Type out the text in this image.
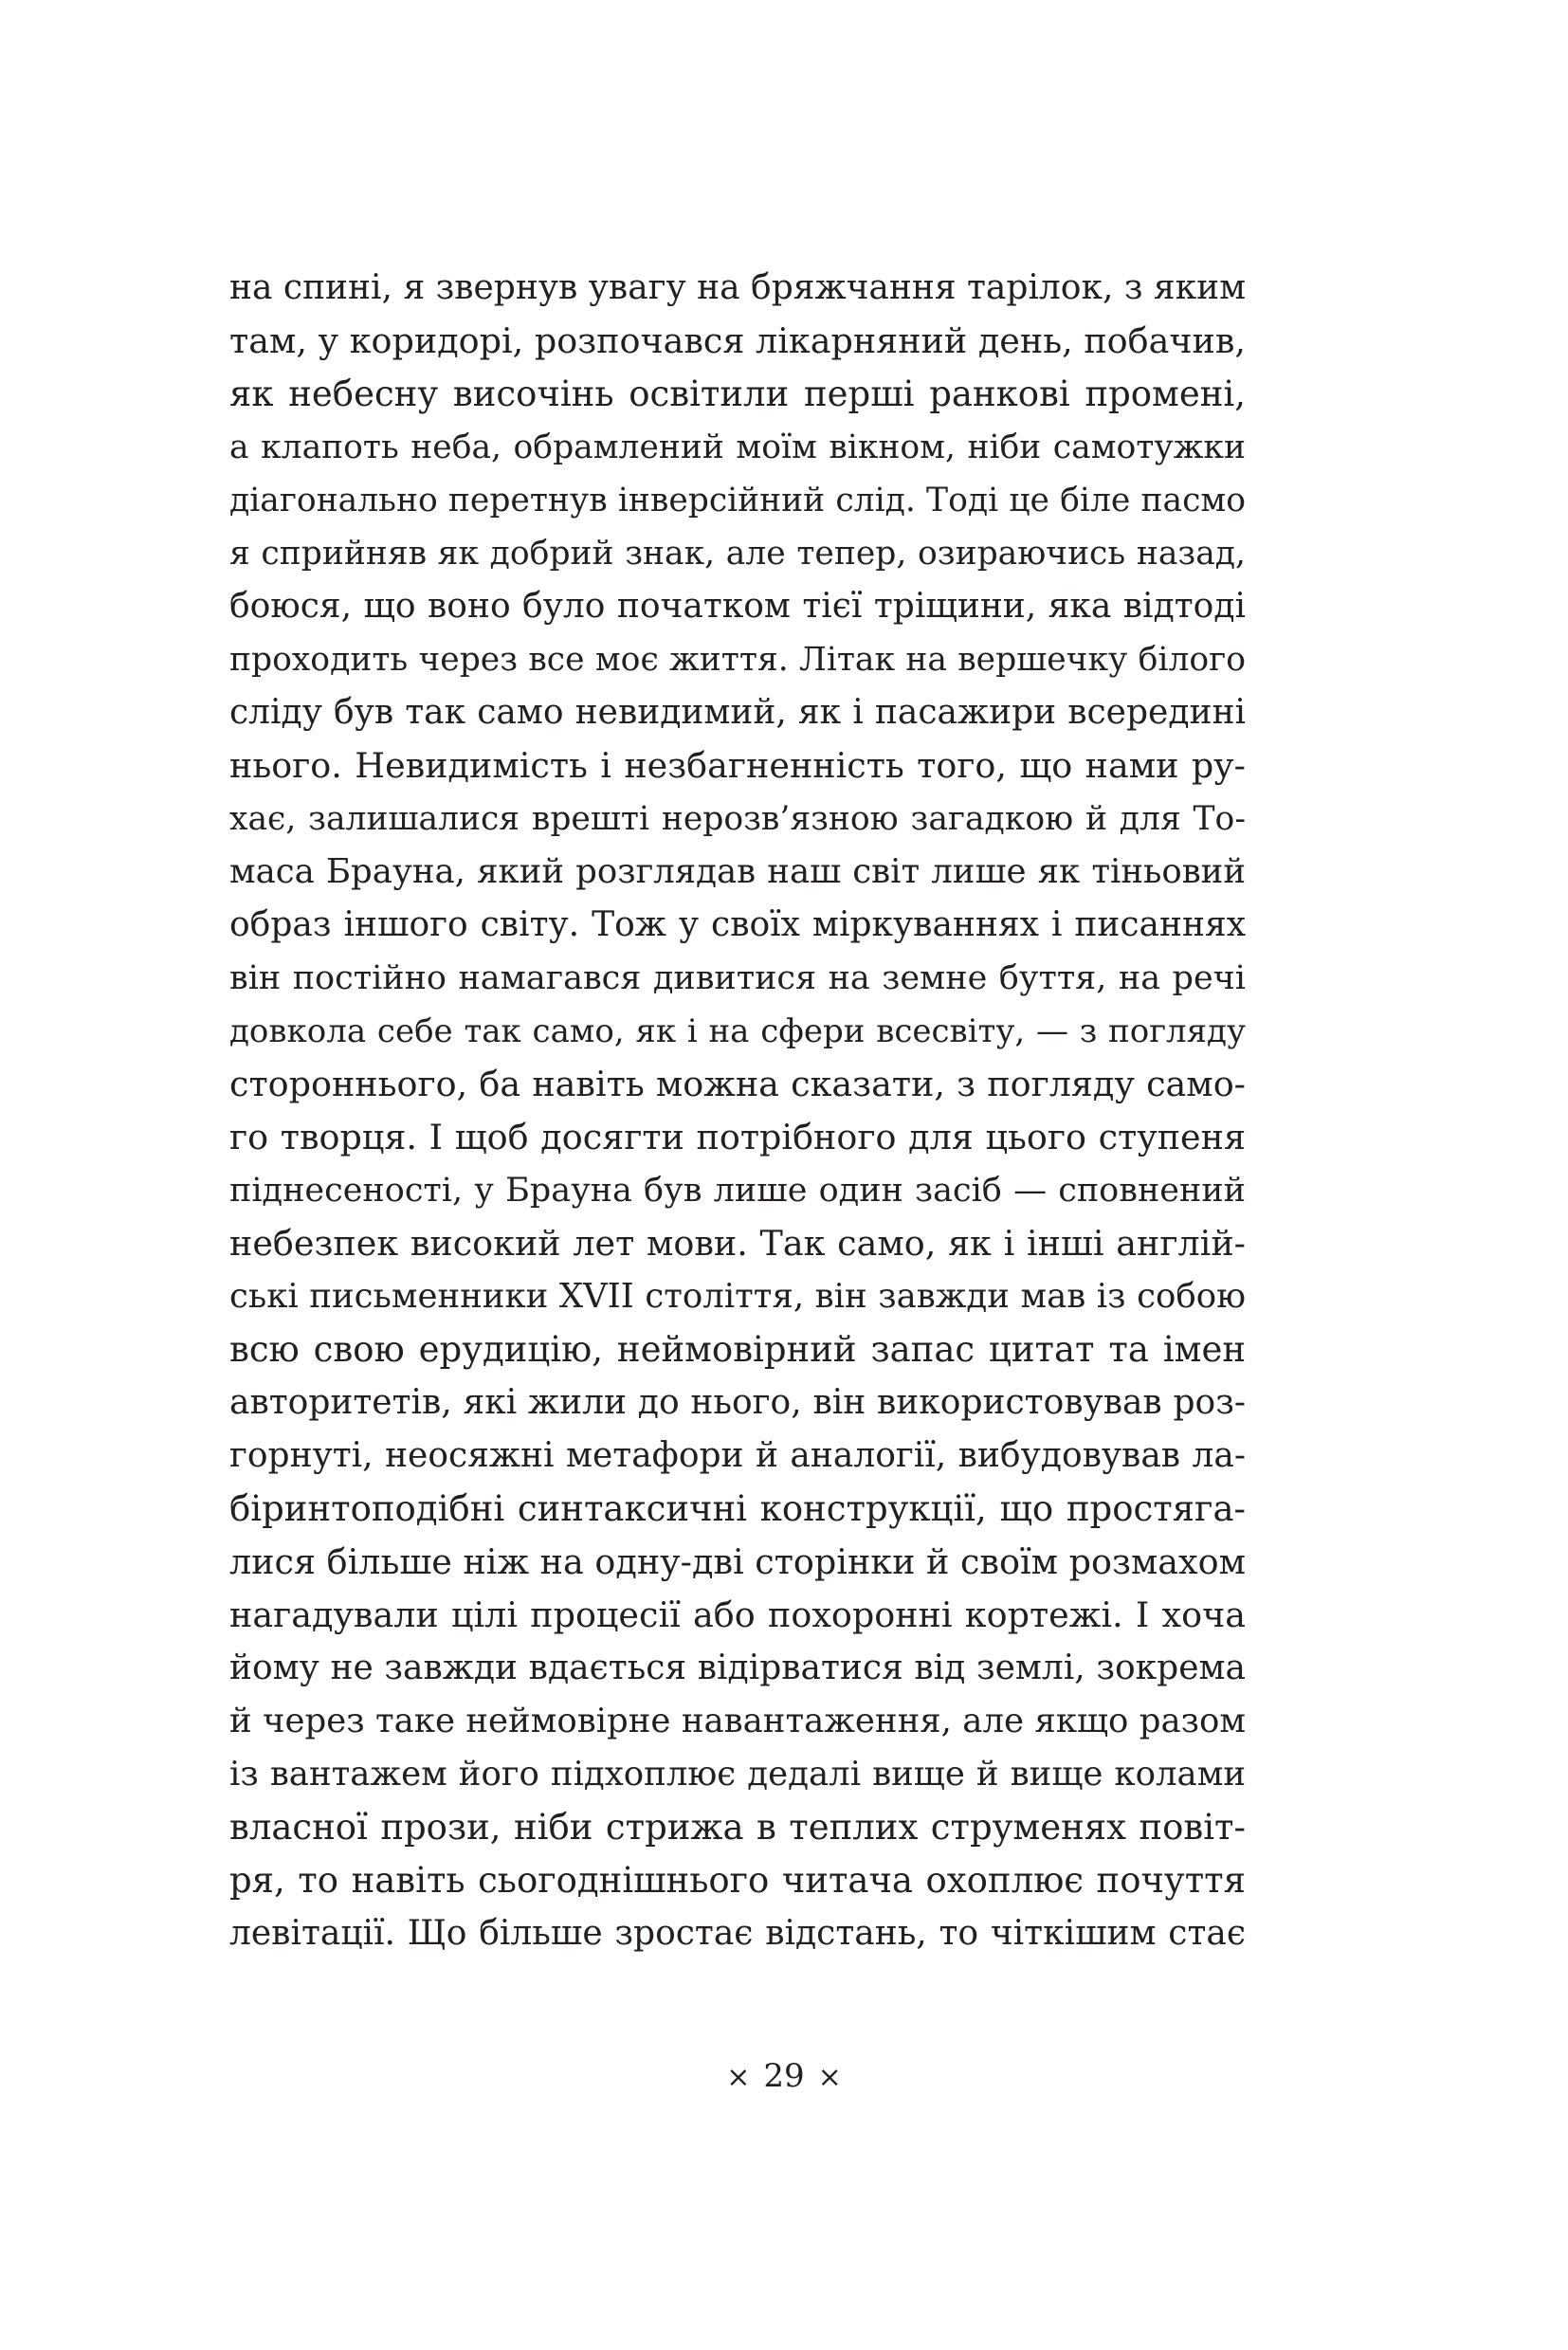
на спині, я звернув увагу на бряжчання тарілок, з яким
там, у коридорі, розпочався лікарняний день, побачив,
як небесну височінь освітили перші ранкові промені,
а клапоть неба, обрамлений моїм вікном, ніби самотужки
діагонально перетнув інверсійний слід. Тоді це біле пасмо
я сприйняв як добрий знак, але тепер, озираючись назад,
боюся, що воно було початком тієї тріщини, яка відтоді
проходить через все моє життя. Літак на вершечку білого
сліду був так само невидимий, як і пасажири всередині
нього. Невидимість і незбагненність того, що нами ру-
хає, залишалися врешті нерозв’язною загадкою й для То-
маса Брауна, який розглядав наш світ лише як тіньовий
образ іншого світу. Тож у своїх міркуваннях і писаннях
він постійно намагався дивитися на земне буття, на речі
довкола себе так само, як і на сфери всесвіту, — з погляду
стороннього, ба навіть можна сказати, з погляду само-
го творця. І щоб досягти потрібного для цього ступеня
піднесеності, у Брауна був лише один засіб — сповнений
небезпек високий лет мови. Так само, як і інші англій-
ські письменники XVII століття, він завжди мав із собою
всю свою ерудицію, неймовірний запас цитат та імен
авторитетів, які жили до нього, він використовував роз-
горнуті, неосяжні метафори й аналогії, вибудовував ла-
біринтоподібні синтаксичні конструкції, що простяга-
лися більше ніж на одну-дві сторінки й своїм розмахом
нагадували цілі процесії або похоронні кортежі. І хоча
йому не завжди вдається відірватися від землі, зокрема
й через таке неймовірне навантаження, але якщо разом
із вантажем його підхоплює дедалі вище й вище колами
власної прози, ніби стрижа в теплих струменях повіт-
ря, то навіть сьогоднішнього читача охоплює почуття
левітації. Що більше зростає відстань, то чіткішим стає
× 29 ×
